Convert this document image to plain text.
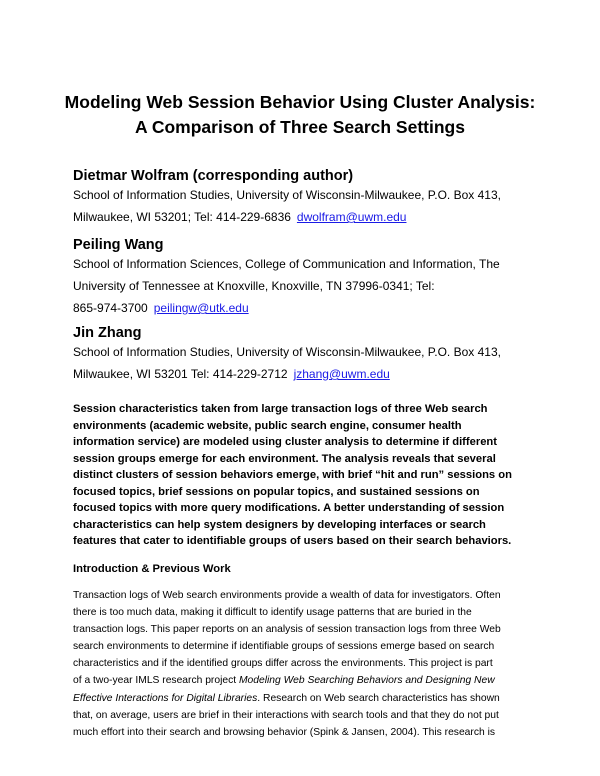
Modeling Web Session Behavior Using Cluster Analysis:
A Comparison of Three Search Settings
Dietmar Wolfram (corresponding author)
School of Information Studies, University of Wisconsin-Milwaukee, P.O. Box 413,
Milwaukee, WI 53201; Tel: 414-229-6836 dwolfram@uwm.edu
Peiling Wang
School of Information Sciences, College of Communication and Information, The
University of Tennessee at Knoxville, Knoxville, TN 37996-0341; Tel:
865-974-3700 peilingw@utk.edu
Jin Zhang
School of Information Studies, University of Wisconsin-Milwaukee, P.O. Box 413,
Milwaukee, WI 53201 Tel: 414-229-2712 jzhang@uwm.edu
Session characteristics taken from large transaction logs of three Web search
environments (academic website, public search engine, consumer health
information service) are modeled using cluster analysis to determine if different
session groups emerge for each environment. The analysis reveals that several
distinct clusters of session behaviors emerge, with brief “hit and run” sessions on
focused topics, brief sessions on popular topics, and sustained sessions on
focused topics with more query modifications. A better understanding of session
characteristics can help system designers by developing interfaces or search
features that cater to identifiable groups of users based on their search behaviors.
Introduction & Previous Work
Transaction logs of Web search environments provide a wealth of data for investigators. Often
there is too much data, making it difficult to identify usage patterns that are buried in the
transaction logs. This paper reports on an analysis of session transaction logs from three Web
search environments to determine if identifiable groups of sessions emerge based on search
characteristics and if the identified groups differ across the environments. This project is part
of a two-year IMLS research project Modeling Web Searching Behaviors and Designing New
Effective Interactions for Digital Libraries. Research on Web search characteristics has shown
that, on average, users are brief in their interactions with search tools and that they do not put
much effort into their search and browsing behavior (Spink & Jansen, 2004). This research is
